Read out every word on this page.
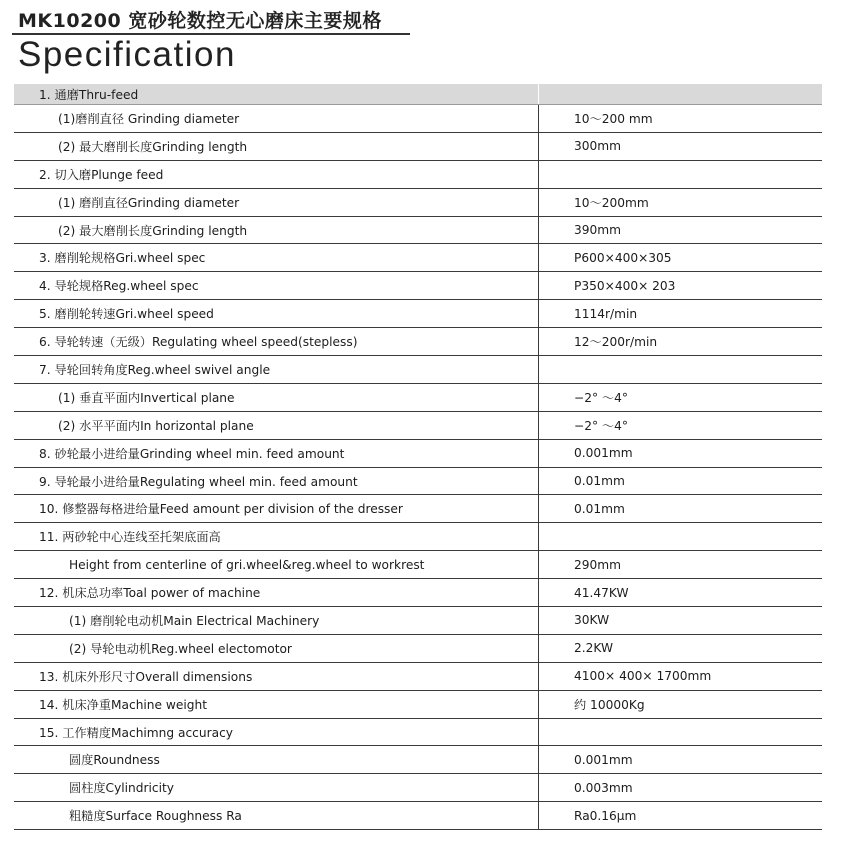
MK10200 宽砂轮数控无心磨床主要规格
Specification
1. 通磨Thru-feed
(1)磨削直径 Grinding diameter	10～200 mm
(2) 最大磨削长度Grinding length	300mm
2. 切入磨Plunge feed
(1) 磨削直径Grinding diameter	10～200mm
(2) 最大磨削长度Grinding length	390mm
3. 磨削轮规格Gri.wheel spec	P600×400×305
4. 导轮规格Reg.wheel spec	P350×400× 203
5. 磨削轮转速Gri.wheel speed	1114r/min
6. 导轮转速（无级）Regulating wheel speed(stepless)	12～200r/min
7. 导轮回转角度Reg.wheel swivel angle
(1) 垂直平面内Invertical plane	−2° ～4°
(2) 水平平面内In horizontal plane	−2° ～4°
8. 砂轮最小进给量Grinding wheel min. feed amount	0.001mm
9. 导轮最小进给量Regulating wheel min. feed amount	0.01mm
10. 修整器每格进给量Feed amount per division of the dresser	0.01mm
11. 两砂轮中心连线至托架底面高
Height from centerline of gri.wheel&reg.wheel to workrest	290mm
12. 机床总功率Toal power of machine	41.47KW
(1) 磨削轮电动机Main Electrical Machinery	30KW
(2) 导轮电动机Reg.wheel electomotor	2.2KW
13. 机床外形尺寸Overall dimensions	4100× 400× 1700mm
14. 机床净重Machine weight	约 10000Kg
15. 工作精度Machimng accuracy
圆度Roundness	0.001mm
圆柱度Cylindricity	0.003mm
粗糙度Surface Roughness Ra	Ra0.16μm
